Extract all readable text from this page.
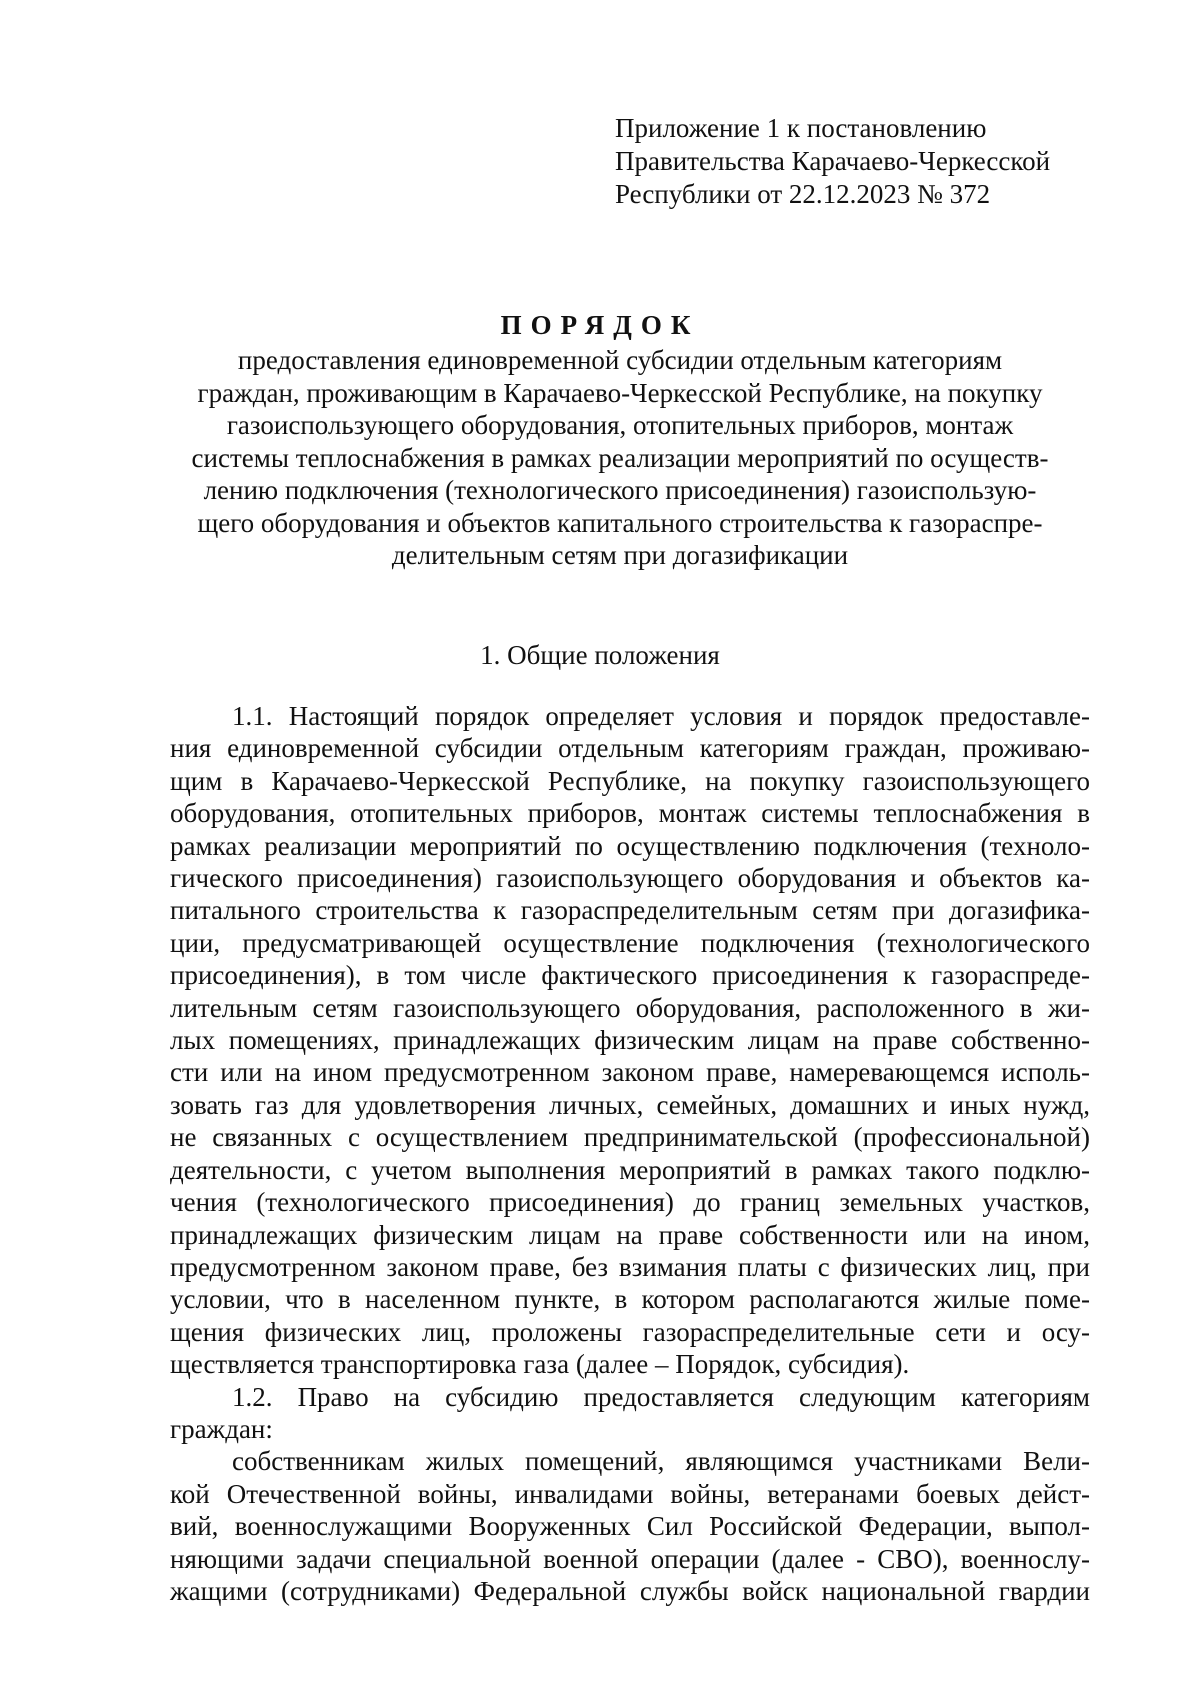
Приложение 1 к постановлению
Правительства Карачаево-Черкесской
Республики от 22.12.2023 № 372
ПОРЯДОК
предоставления единовременной субсидии отдельным категориям
граждан, проживающим в Карачаево-Черкесской Республике, на покупку
газоиспользующего оборудования, отопительных приборов, монтаж
системы теплоснабжения в рамках реализации мероприятий по осуществ-
лению подключения (технологического присоединения) газоиспользую-
щего оборудования и объектов капитального строительства к газораспре-
делительным сетям при догазификации
1. Общие положения
1.1. Настоящий порядок определяет условия и порядок предоставле-
ния единовременной субсидии отдельным категориям граждан, проживаю-
щим в Карачаево-Черкесской Республике, на покупку газоиспользующего
оборудования, отопительных приборов, монтаж системы теплоснабжения в
рамках реализации мероприятий по осуществлению подключения (техноло-
гического присоединения) газоиспользующего оборудования и объектов ка-
питального строительства к газораспределительным сетям при догазифика-
ции, предусматривающей осуществление подключения (технологического
присоединения), в том числе фактического присоединения к газораспреде-
лительным сетям газоиспользующего оборудования, расположенного в жи-
лых помещениях, принадлежащих физическим лицам на праве собственно-
сти или на ином предусмотренном законом праве, намеревающемся исполь-
зовать газ для удовлетворения личных, семейных, домашних и иных нужд,
не связанных с осуществлением предпринимательской (профессиональной)
деятельности, с учетом выполнения мероприятий в рамках такого подклю-
чения (технологического присоединения) до границ земельных участков,
принадлежащих физическим лицам на праве собственности или на ином,
предусмотренном законом праве, без взимания платы с физических лиц, при
условии, что в населенном пункте, в котором располагаются жилые поме-
щения физических лиц, проложены газораспределительные сети и осу-
ществляется транспортировка газа (далее – Порядок, субсидия).
1.2. Право на субсидию предоставляется следующим категориям
граждан:
собственникам жилых помещений, являющимся участниками Вели-
кой Отечественной войны, инвалидами войны, ветеранами боевых дейст-
вий, военнослужащими Вооруженных Сил Российской Федерации, выпол-
няющими задачи специальной военной операции (далее - СВО), военнослу-
жащими (сотрудниками) Федеральной службы войск национальной гвардии
